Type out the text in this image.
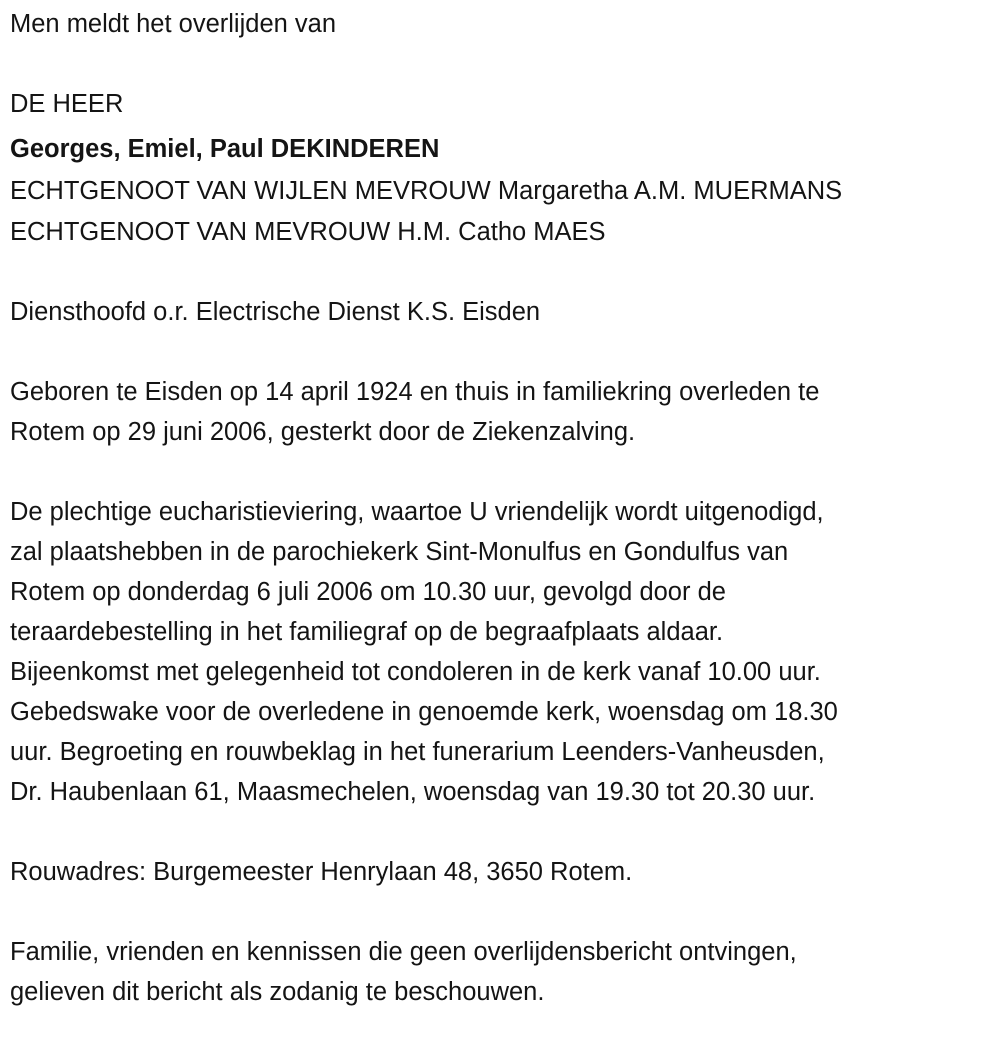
Men meldt het overlijden van
DE HEER
Georges, Emiel, Paul DEKINDEREN
ECHTGENOOT VAN WIJLEN MEVROUW Margaretha A.M. MUERMANS
ECHTGENOOT VAN MEVROUW H.M. Catho MAES
Diensthoofd o.r. Electrische Dienst K.S. Eisden
Geboren te Eisden op 14 april 1924 en thuis in familiekring overleden te
Rotem op 29 juni 2006, gesterkt door de Ziekenzalving.
De plechtige eucharistieviering, waartoe U vriendelijk wordt uitgenodigd,
zal plaatshebben in de parochiekerk Sint-Monulfus en Gondulfus van
Rotem op donderdag 6 juli 2006 om 10.30 uur, gevolgd door de
teraardebestelling in het familiegraf op de begraafplaats aldaar.
Bijeenkomst met gelegenheid tot condoleren in de kerk vanaf 10.00 uur.
Gebedswake voor de overledene in genoemde kerk, woensdag om 18.30
uur. Begroeting en rouwbeklag in het funerarium Leenders-Vanheusden,
Dr. Haubenlaan 61, Maasmechelen, woensdag van 19.30 tot 20.30 uur.
Rouwadres: Burgemeester Henrylaan 48, 3650 Rotem.
Familie, vrienden en kennissen die geen overlijdensbericht ontvingen,
gelieven dit bericht als zodanig te beschouwen.
